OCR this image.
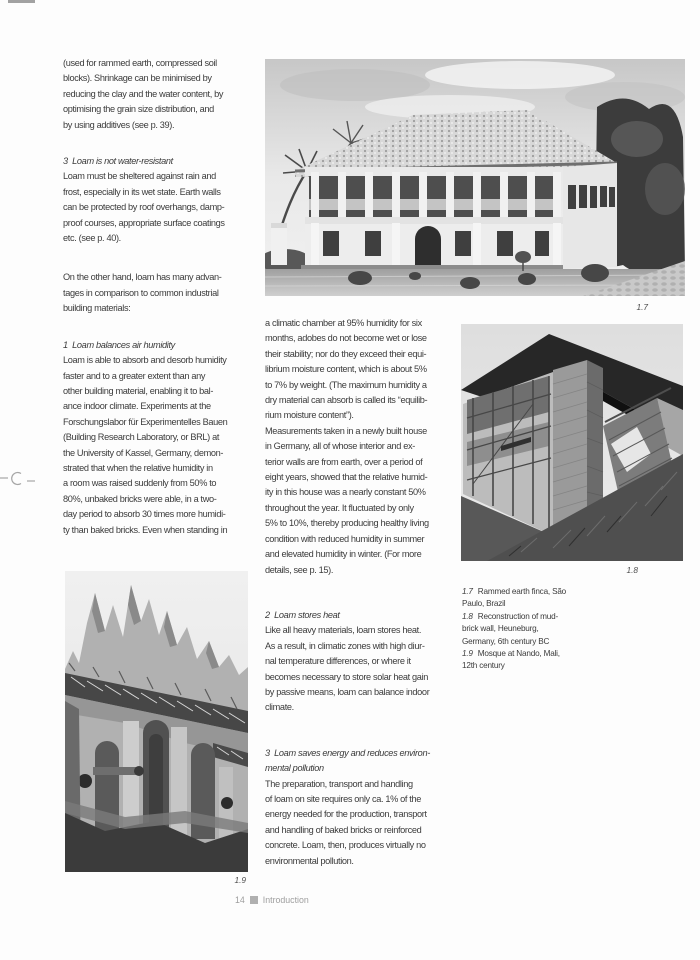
(used for rammed earth, compressed soil
blocks). Shrinkage can be minimised by
reducing the clay and the water content, by
optimising the grain size distribution, and
by using additives (see p. 39).
3  Loam is not water-resistant
Loam must be sheltered against rain and
frost, especially in its wet state. Earth walls
can be protected by roof overhangs, damp-
proof courses, appropriate surface coatings
etc. (see p. 40).
On the other hand, loam has many advan-
tages in comparison to common industrial
building materials:
1  Loam balances air humidity
Loam is able to absorb and desorb humidity
faster and to a greater extent than any
other building material, enabling it to bal-
ance indoor climate. Experiments at the
Forschungslabor für Experimentelles Bauen
(Building Research Laboratory, or BRL) at
the University of Kassel, Germany, demon-
strated that when the relative humidity in
a room was raised suddenly from 50% to
80%, unbaked bricks were able, in a two-
day period to absorb 30 times more humidi-
ty than baked bricks. Even when standing in
a climatic chamber at 95% humidity for six
months, adobes do not become wet or lose
their stability; nor do they exceed their equi-
librium moisture content, which is about 5%
to 7% by weight. (The maximum humidity a
dry material can absorb is called its “equilib-
rium moisture content”).
Measurements taken in a newly built house
in Germany, all of whose interior and ex-
terior walls are from earth, over a period of
eight years, showed that the relative humid-
ity in this house was a nearly constant 50%
throughout the year. It fluctuated by only
5% to 10%, thereby producing healthy living
condition with reduced humidity in summer
and elevated humidity in winter. (For more
details, see p. 15).
2  Loam stores heat
Like all heavy materials, loam stores heat.
As a result, in climatic zones with high diur-
nal temperature differences, or where it
becomes necessary to store solar heat gain
by passive means, loam can balance indoor
climate.
3  Loam saves energy and reduces environ-
mental pollution
The preparation, transport and handling
of loam on site requires only ca. 1% of the
energy needed for the production, transport
and handling of baked bricks or reinforced
concrete. Loam, then, produces virtually no
environmental pollution.
1.7
1.8
1.7 Rammed earth finca, São Paulo, Brazil
1.8 Reconstruction of mud-brick wall, Heuneburg, Germany, 6th century BC
1.9 Mosque at Nando, Mali, 12th century
1.9
14 Introduction
